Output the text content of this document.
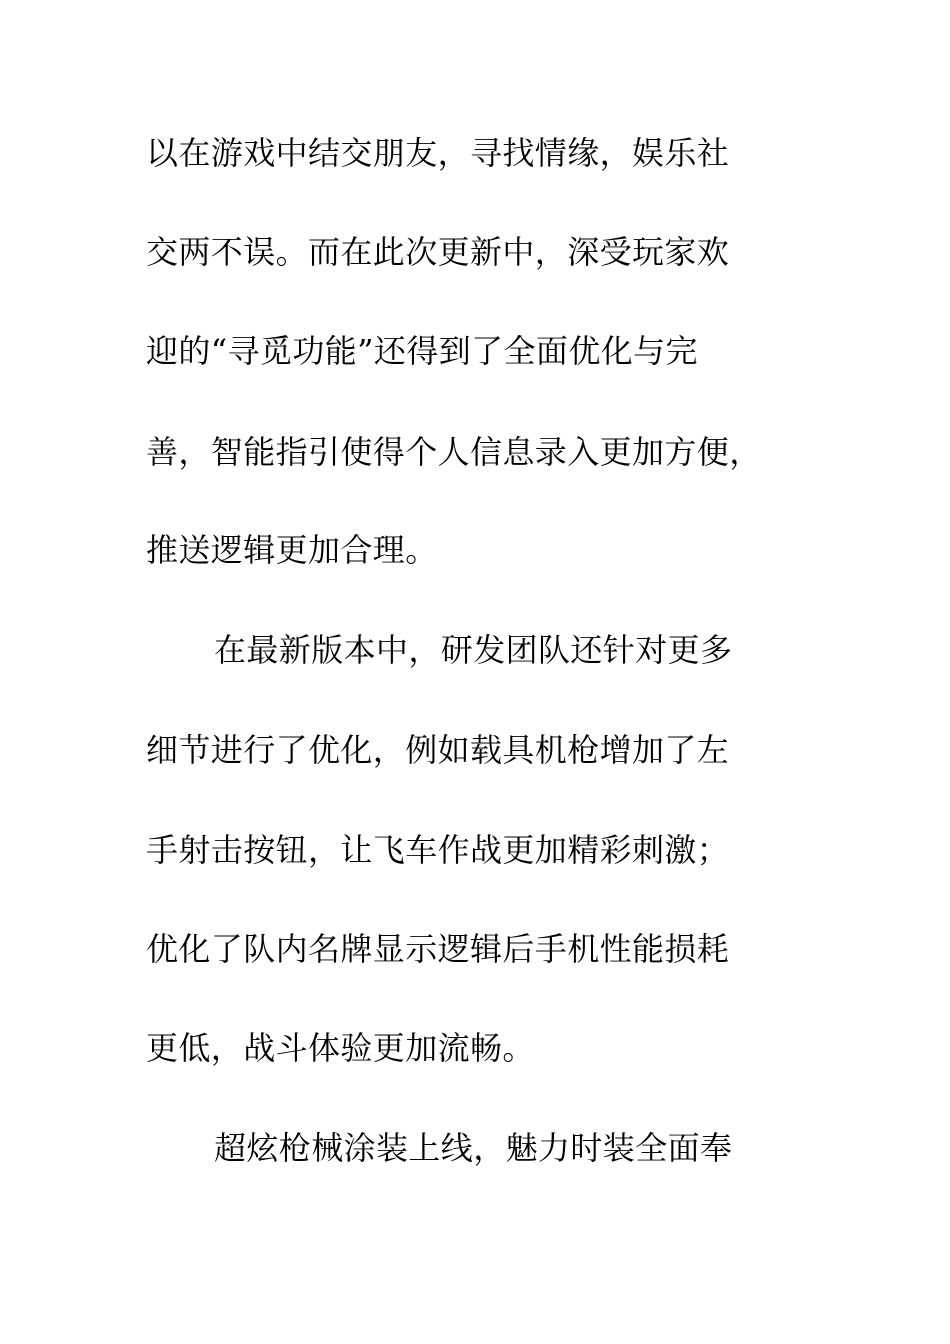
以在游戏中结交朋友，寻找情缘，娱乐社

交两不误。而在此次更新中，深受玩家欢

迎的“寻觅功能”还得到了全面优化与完

善，智能指引使得个人信息录入更加方便，

推送逻辑更加合理。

在最新版本中，研发团队还针对更多

细节进行了优化，例如载具机枪增加了左

手射击按钮，让飞车作战更加精彩刺激；

优化了队内名牌显示逻辑后手机性能损耗

更低，战斗体验更加流畅。

超炫枪械涂装上线，魅力时装全面奉
